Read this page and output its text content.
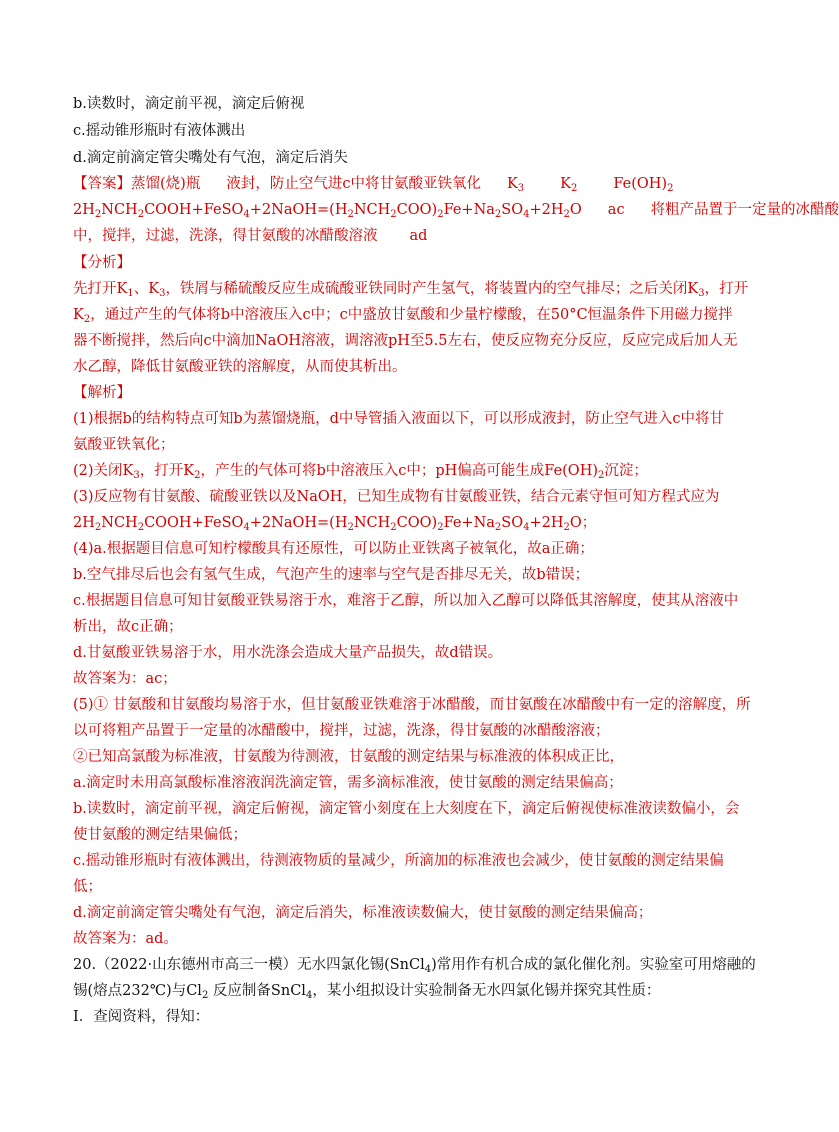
b.读数时，滴定前平视，滴定后俯视

c.摇动锥形瓶时有液体溅出

d.滴定前滴定管尖嘴处有气泡，滴定后消失

【答案】蒸馏(烧)瓶 液封，防止空气进c中将甘氨酸亚铁氧化 $K_3$ $K_2$ $Fe(OH)_2$

$2H_2NCH_2COOH+FeSO_4+2NaOH=(H_2NCH_2COO)_2Fe+Na_2SO_4+2H_2O$ ac 将粗产品置于一定量的冰醋酸

中，搅拌，过滤，洗涤，得甘氨酸的冰醋酸溶液 ad

【分析】

先打开$K_1$、$K_3$，铁屑与稀硫酸反应生成硫酸亚铁同时产生氢气，将装置内的空气排尽；之后关闭$K_3$，打开

$K_2$，通过产生的气体将b中溶液压入c中；c中盛放甘氨酸和少量柠檬酸，在50°C恒温条件下用磁力搅拌

器不断搅拌，然后向c中滴加NaOH溶液，调溶液pH至5.5左右，使反应物充分反应，反应完成后加人无

水乙醇，降低甘氨酸亚铁的溶解度，从而使其析出。

【解析】

(1)根据b的结构特点可知b为蒸馏烧瓶，d中导管插入液面以下，可以形成液封，防止空气进入c中将甘

氨酸亚铁氧化；

(2)关闭$K_3$，打开$K_2$，产生的气体可将b中溶液压入c中；pH偏高可能生成$Fe(OH)_2$沉淀；

(3)反应物有甘氨酸、硫酸亚铁以及NaOH，已知生成物有甘氨酸亚铁，结合元素守恒可知方程式应为

$2H_2NCH_2COOH+FeSO_4+2NaOH=(H_2NCH_2COO)_2Fe+Na_2SO_4+2H_2O$；

(4)a.根据题目信息可知柠檬酸具有还原性，可以防止亚铁离子被氧化，故a正确；

b.空气排尽后也会有氢气生成，气泡产生的速率与空气是否排尽无关，故b错误；

c.根据题目信息可知甘氨酸亚铁易溶于水，难溶于乙醇，所以加入乙醇可以降低其溶解度，使其从溶液中

析出，故c正确；

d.甘氨酸亚铁易溶于水，用水洗涤会造成大量产品损失，故d错误。

故答案为：ac；

(5)① 甘氨酸和甘氨酸均易溶于水，但甘氨酸亚铁难溶于冰醋酸，而甘氨酸在冰醋酸中有一定的溶解度，所

以可将粗产品置于一定量的冰醋酸中，搅拌，过滤，洗涤，得甘氨酸的冰醋酸溶液；

②已知高氯酸为标准液，甘氨酸为待测液，甘氨酸的测定结果与标准液的体积成正比，

a.滴定时未用高氯酸标准溶液润洗滴定管，需多滴标准液，使甘氨酸的测定结果偏高；

b.读数时，滴定前平视，滴定后俯视，滴定管小刻度在上大刻度在下，滴定后俯视使标准液读数偏小，会

使甘氨酸的测定结果偏低；

c.摇动锥形瓶时有液体溅出，待测液物质的量减少，所滴加的标准液也会减少，使甘氨酸的测定结果偏

低；

d.滴定前滴定管尖嘴处有气泡，滴定后消失，标准液读数偏大，使甘氨酸的测定结果偏高；

故答案为：ad。

20.（2022·山东德州市高三一模）无水四氯化锡(SnCl$_4$)常用作有机合成的氯化催化剂。实验室可用熔融的

锡(熔点232℃)与$Cl_2$ 反应制备SnCl$_4$，某小组拟设计实验制备无水四氯化锡并探究其性质：

Ⅰ．查阅资料，得知：
